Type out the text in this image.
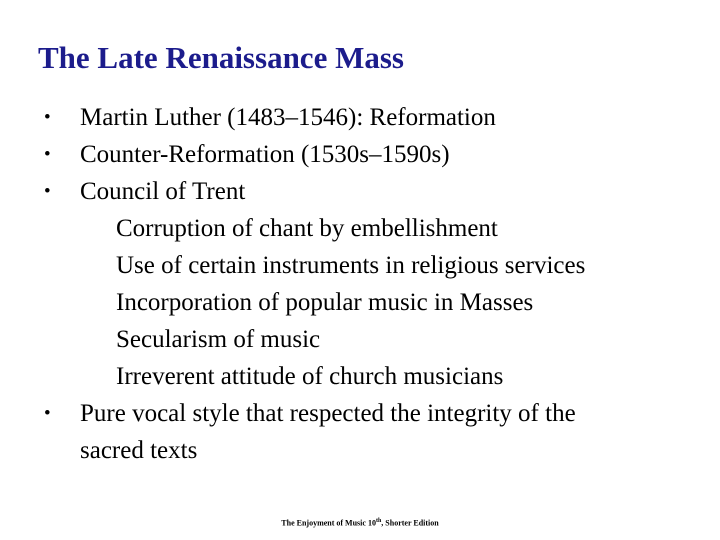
The Late Renaissance Mass
•	Martin Luther (1483–1546): Reformation
•	Counter-Reformation (1530s–1590s)
•	Council of Trent
Corruption of chant by embellishment
Use of certain instruments in religious services
Incorporation of popular music in Masses
Secularism of music
Irreverent attitude of church musicians
•	Pure vocal style that respected the integrity of the
sacred texts
The Enjoyment of Music 10th, Shorter Edition
